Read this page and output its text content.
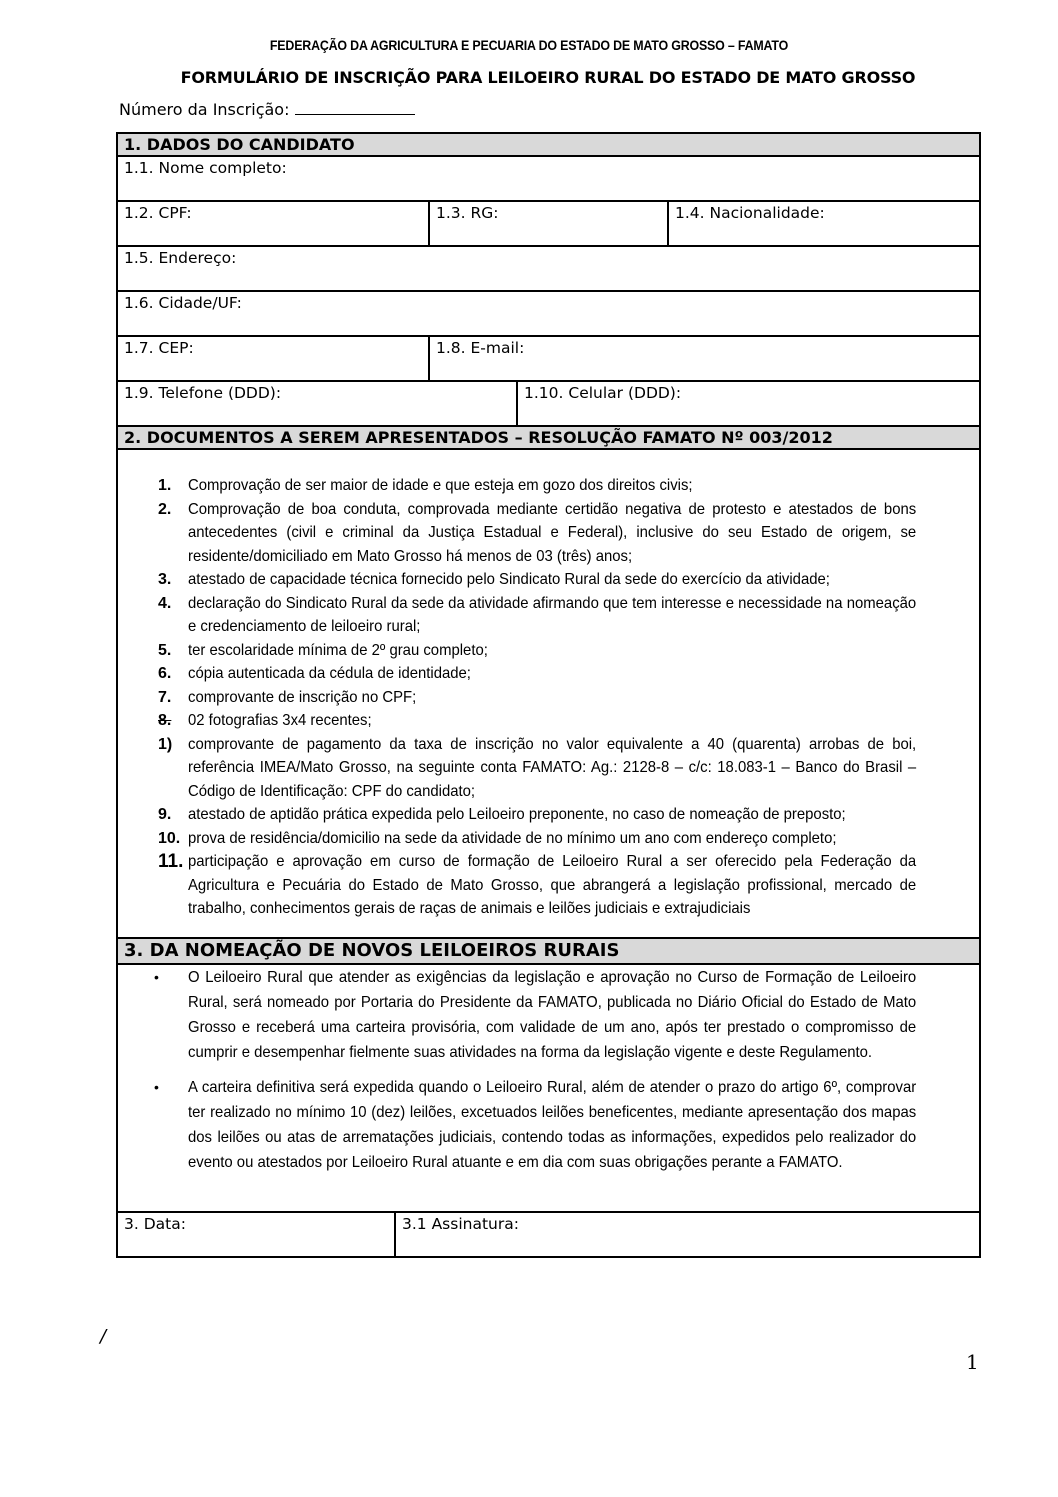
FEDERAÇÃO DA AGRICULTURA E PECUARIA DO ESTADO DE MATO GROSSO – FAMATO
FORMULÁRIO DE INSCRIÇÃO PARA LEILOEIRO RURAL DO ESTADO DE MATO GROSSO
Número da Inscrição:
1. DADOS DO CANDIDATO
1.1. Nome completo:
1.2. CPF:	1.3. RG:	1.4. Nacionalidade:
1.5. Endereço:
1.6. Cidade/UF:
1.7. CEP:	1.8. E-mail:
1.9. Telefone (DDD):	1.10. Celular (DDD):
2. DOCUMENTOS A SEREM APRESENTADOS – RESOLUÇÃO FAMATO Nº 003/2012
1.	Comprovação de ser maior de idade e que esteja em gozo dos direitos civis;
2.	Comprovação de boa conduta, comprovada mediante certidão negativa de protesto e atestados de bons antecedentes (civil e criminal da Justiça Estadual e Federal), inclusive do seu Estado de origem, se residente/domiciliado em Mato Grosso há menos de 03 (três) anos;
3.	atestado de capacidade técnica fornecido pelo Sindicato Rural da sede do exercício da atividade;
4.	declaração do Sindicato Rural da sede da atividade afirmando que tem interesse e necessidade na nomeação e credenciamento de leiloeiro rural;
5.	ter escolaridade mínima de 2º grau completo;
6.	cópia autenticada da cédula de identidade;
7.	comprovante de inscrição no CPF;
8.	02 fotografias 3x4 recentes;
1) comprovante de pagamento da taxa de inscrição no valor equivalente a 40 (quarenta) arrobas de boi, referência IMEA/Mato Grosso, na seguinte conta FAMATO: Ag.: 2128-8 – c/c: 18.083-1 – Banco do Brasil – Código de Identificação: CPF do candidato;
9.	atestado de aptidão prática expedida pelo Leiloeiro preponente, no caso de nomeação de preposto;
10. prova de residência/domicilio na sede da atividade de no mínimo um ano com endereço completo;
11. participação e aprovação em curso de formação de Leiloeiro Rural a ser oferecido pela Federação da Agricultura e Pecuária do Estado de Mato Grosso, que abrangerá a legislação profissional, mercado de trabalho, conhecimentos gerais de raças de animais e leilões judiciais e extrajudiciais
3. DA NOMEAÇÃO DE NOVOS LEILOEIROS RURAIS
•	O Leiloeiro Rural que atender as exigências da legislação e aprovação no Curso de Formação de Leiloeiro Rural, será nomeado por Portaria do Presidente da FAMATO, publicada no Diário Oficial do Estado de Mato Grosso e receberá uma carteira provisória, com validade de um ano, após ter prestado o compromisso de cumprir e desempenhar fielmente suas atividades na forma da legislação vigente e deste Regulamento.
•	A carteira definitiva será expedida quando o Leiloeiro Rural, além de atender o prazo do artigo 6º, comprovar ter realizado no mínimo 10 (dez) leilões, excetuados leilões beneficentes, mediante apresentação dos mapas dos leilões ou atas de arrematações judiciais, contendo todas as informações, expedidos pelo realizador do evento ou atestados por Leiloeiro Rural atuante e em dia com suas obrigações perante a FAMATO.
3. Data:	3.1 Assinatura:
/
1
